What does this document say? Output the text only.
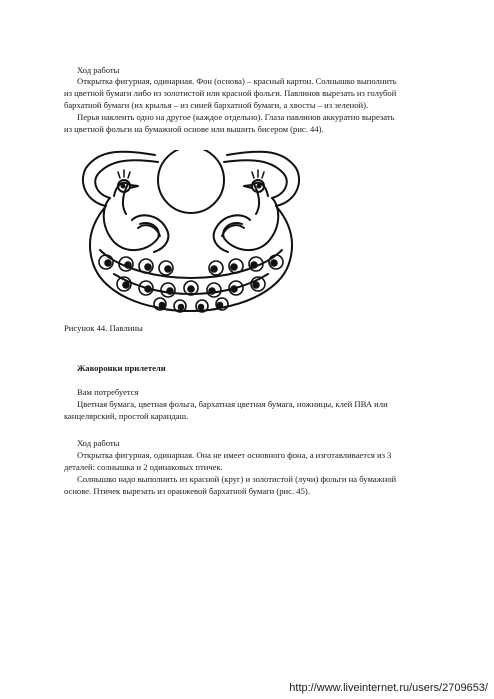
Ход работы
Открытка фигурная, одинарная. Фон (основа) – красный картон. Солнышко выполнить
из цветной бумаги либо из золотистой или красной фольги. Павлинов вырезать из голубой
бархатной бумаги (их крылья – из синей бархатной бумаги, а хвосты – из зеленой).
Перья наклеить одно на другое (каждое отдельно). Глаза павлинов аккуратно вырезать
из цветной фольги на бумажной основе или вышить бисером (рис. 44).
Рисунок 44. Павлины
Жаворонки прилетели
Вам потребуется
Цветная бумага, цветная фольга, бархатная цветная бумага, ножницы, клей ПВА или
канцелярский, простой карандаш.
Ход работы
Открытка фигурная, одинарная. Она не имеет основного фона, а изготавливается из 3
деталей: солнышка и 2 одинаковых птичек.
Солнышко надо выполнить из красной (круг) и золотистой (лучи) фольги на бумажной
основе. Птичек вырезать из оранжевой бархатной бумаги (рис. 45).
http://www.liveinternet.ru/users/2709653/
